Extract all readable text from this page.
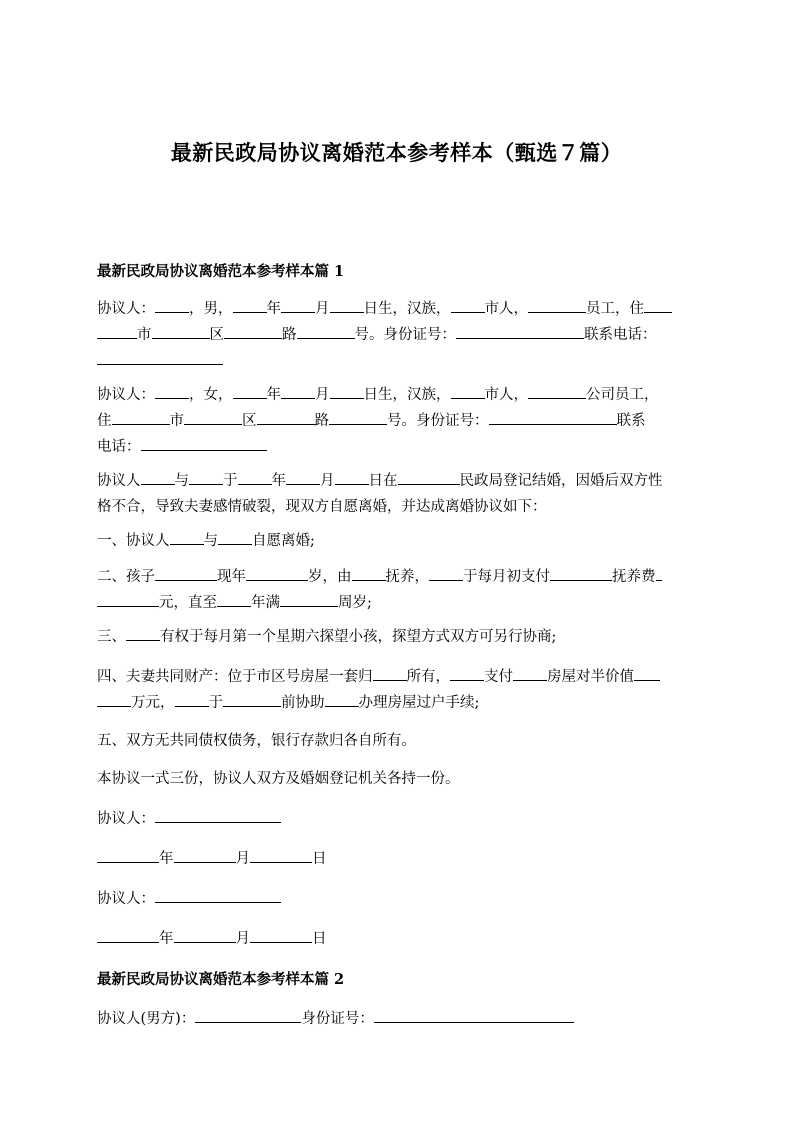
最新民政局协议离婚范本参考样本（甄选７篇）
最新民政局协议离婚范本参考样本篇 1
协议人： ，男， 年 月 日生，汉族， 市人，	员工，住
市	区	路	号。身份证号：	联系电话：
协议人： ，女， 年 月 日生，汉族， 市人，	公司员工，
住	市	区	路	号。身份证号：	联系
电话：
协议人 与 于 年 月 日在	民政局登记结婚，因婚后双方性
格不合，导致夫妻感情破裂，现双方自愿离婚，并达成离婚协议如下：
一、协议人 与 自愿离婚;
二、孩子	现年	岁，由 抚养， 于每月初支付	抚养费
元，直至 年满	周岁;
三、 有权于每月第一个星期六探望小孩，探望方式双方可另行协商;
四、夫妻共同财产：位于市区号房屋一套归 所有， 支付 房屋对半价值
万元， 于	前协助 办理房屋过户手续;
五、双方无共同债权债务，银行存款归各自所有。
本协议一式三份，协议人双方及婚姻登记机关各持一份。
协议人：
年	月	日
协议人：
年	月	日
最新民政局协议离婚范本参考样本篇 2
协议人(男方)：	身份证号：
